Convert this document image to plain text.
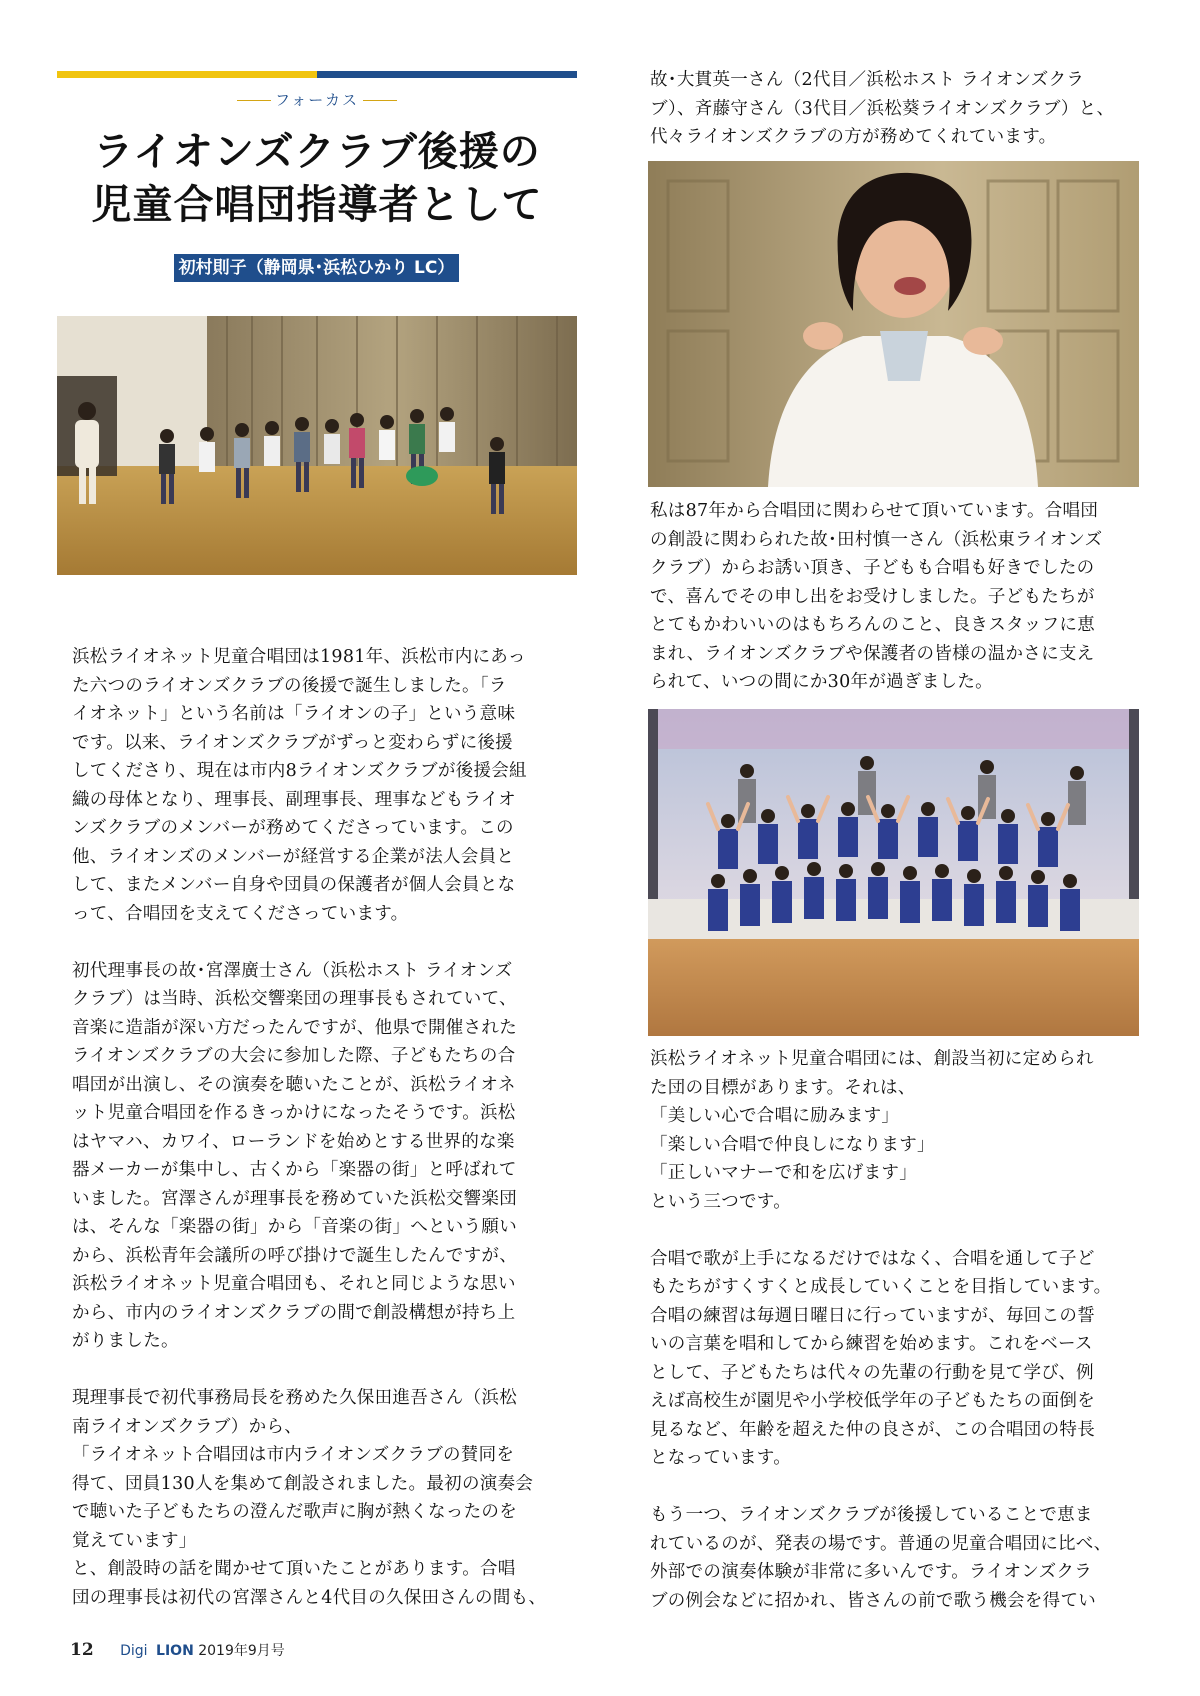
フォーカス
ライオンズクラブ後援の
児童合唱団指導者として
初村則子（静岡県･浜松ひかり LC）

浜松ライオネット児童合唱団は1981年、浜松市内にあっ
た六つのライオンズクラブの後援で誕生しました。「ラ
イオネット」という名前は「ライオンの子」という意味
です。以来、ライオンズクラブがずっと変わらずに後援
してくださり、現在は市内8ライオンズクラブが後援会組
織の母体となり、理事長、副理事長、理事などもライオ
ンズクラブのメンバーが務めてくださっています。この
他、ライオンズのメンバーが経営する企業が法人会員と
して、またメンバー自身や団員の保護者が個人会員とな
って、合唱団を支えてくださっています。

初代理事長の故･宮澤廣士さん（浜松ホスト ライオンズ
クラブ）は当時、浜松交響楽団の理事長もされていて、
音楽に造詣が深い方だったんですが、他県で開催された
ライオンズクラブの大会に参加した際、子どもたちの合
唱団が出演し、その演奏を聴いたことが、浜松ライオネ
ット児童合唱団を作るきっかけになったそうです。浜松
はヤマハ、カワイ、ローランドを始めとする世界的な楽
器メーカーが集中し、古くから「楽器の街」と呼ばれて
いました。宮澤さんが理事長を務めていた浜松交響楽団
は、そんな「楽器の街」から「音楽の街」へという願い
から、浜松青年会議所の呼び掛けで誕生したんですが、
浜松ライオネット児童合唱団も、それと同じような思い
から、市内のライオンズクラブの間で創設構想が持ち上
がりました。

現理事長で初代事務局長を務めた久保田進吾さん（浜松
南ライオンズクラブ）から、
「ライオネット合唱団は市内ライオンズクラブの賛同を
得て、団員130人を集めて創設されました。最初の演奏会
で聴いた子どもたちの澄んだ歌声に胸が熱くなったのを
覚えています」
と、創設時の話を聞かせて頂いたことがあります。合唱
団の理事長は初代の宮澤さんと4代目の久保田さんの間も、

故･大貫英一さん（2代目／浜松ホスト ライオンズクラ
ブ）、斉藤守さん（3代目／浜松葵ライオンズクラブ）と、
代々ライオンズクラブの方が務めてくれています。
私は87年から合唱団に関わらせて頂いています。合唱団
の創設に関わられた故･田村慎一さん（浜松東ライオンズ
クラブ）からお誘い頂き、子どもも合唱も好きでしたの
で、喜んでその申し出をお受けしました。子どもたちが
とてもかわいいのはもちろんのこと、良きスタッフに恵
まれ、ライオンズクラブや保護者の皆様の温かさに支え
られて、いつの間にか30年が過ぎました。

浜松ライオネット児童合唱団には、創設当初に定められ
た団の目標があります。それは、
「美しい心で合唱に励みます」
「楽しい合唱で仲良しになります」
「正しいマナーで和を広げます」
という三つです。

合唱で歌が上手になるだけではなく、合唱を通して子ど
もたちがすくすくと成長していくことを目指しています。
合唱の練習は毎週日曜日に行っていますが、毎回この誓
いの言葉を唱和してから練習を始めます。これをベース
として、子どもたちは代々の先輩の行動を見て学び、例
えば高校生が園児や小学校低学年の子どもたちの面倒を
見るなど、年齢を超えた仲の良さが、この合唱団の特長
となっています。

もう一つ、ライオンズクラブが後援していることで恵ま
れているのが、発表の場です。普通の児童合唱団に比べ、
外部での演奏体験が非常に多いんです。ライオンズクラ
ブの例会などに招かれ、皆さんの前で歌う機会を得てい

12 Digi LION 2019年9月号
